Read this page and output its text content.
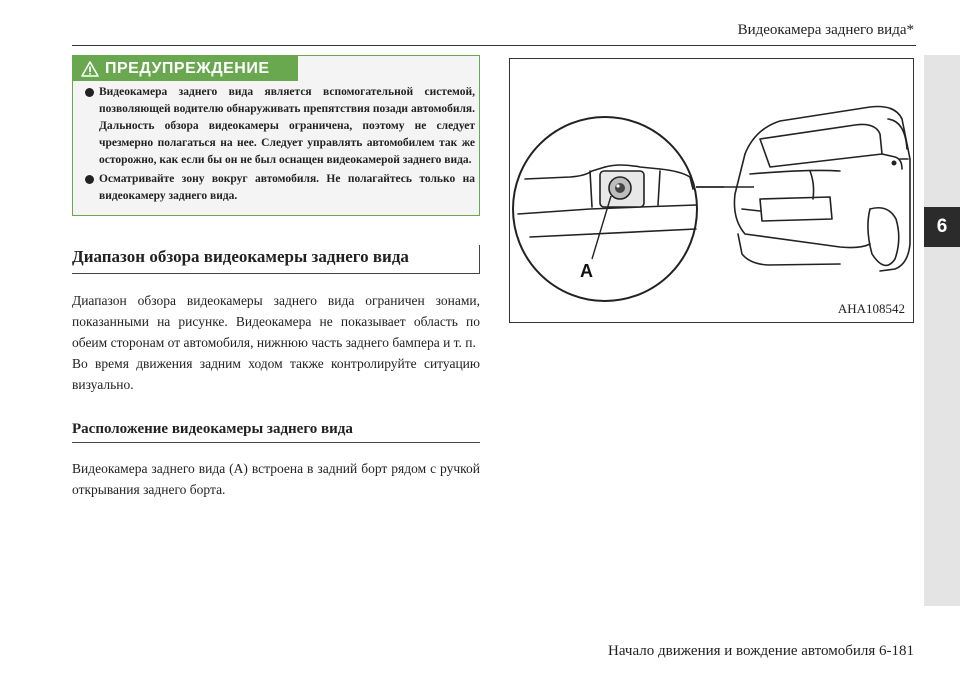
Видеокамера заднего вида*
6
ПРЕДУПРЕЖДЕНИЕ
Видеокамера заднего вида является вспомогательной системой, позволяющей водителю обнаруживать препятствия позади автомобиля. Дальность обзора видеокамеры ограничена, поэтому не следует чрезмерно полагаться на нее. Следует управлять автомобилем так же осторожно, как если бы он не был оснащен видеокамерой заднего вида.
Осматривайте зону вокруг автомобиля. Не полагайтесь только на видеокамеру заднего вида.
Диапазон обзора видеокамеры заднего вида
Диапазон обзора видеокамеры заднего вида ограничен зонами, показанными на рисунке. Видеокамера не показывает область по обеим сторонам от автомобиля, нижнюю часть заднего бампера и т. п.
Во время движения задним ходом также контролируйте ситуацию визуально.
Расположение видеокамеры заднего вида
Видеокамера заднего вида (A) встроена в задний борт рядом с ручкой открывания заднего борта.
A
AHA108542
Начало движения и вождение автомобиля 6-181
